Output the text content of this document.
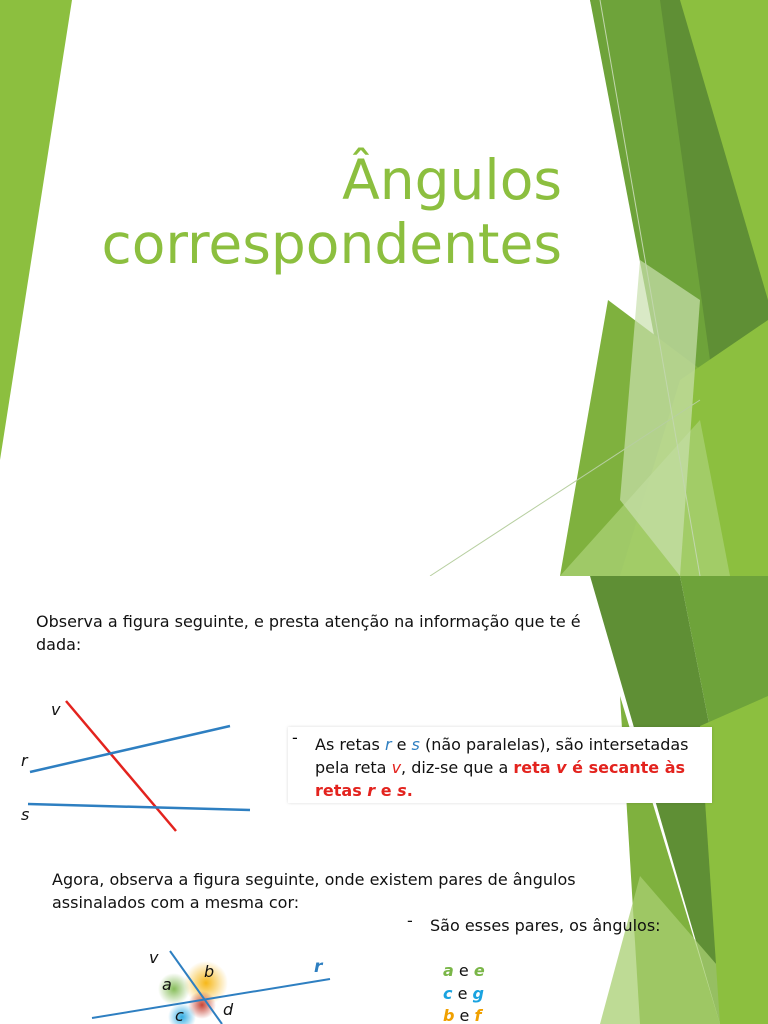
Ângulos
correspondentes
Observa a figura seguinte, e presta atenção na informação que te é dada:
v
r
s
- As retas r e s (não paralelas), são intersetadas pela reta v, diz-se que a reta v é secante às retas r e s.
Agora, observa a figura seguinte, onde existem pares de ângulos assinalados com a mesma cor:
- São esses pares, os ângulos:
v	r
a
b
c d
a e e
c e g
b e f
